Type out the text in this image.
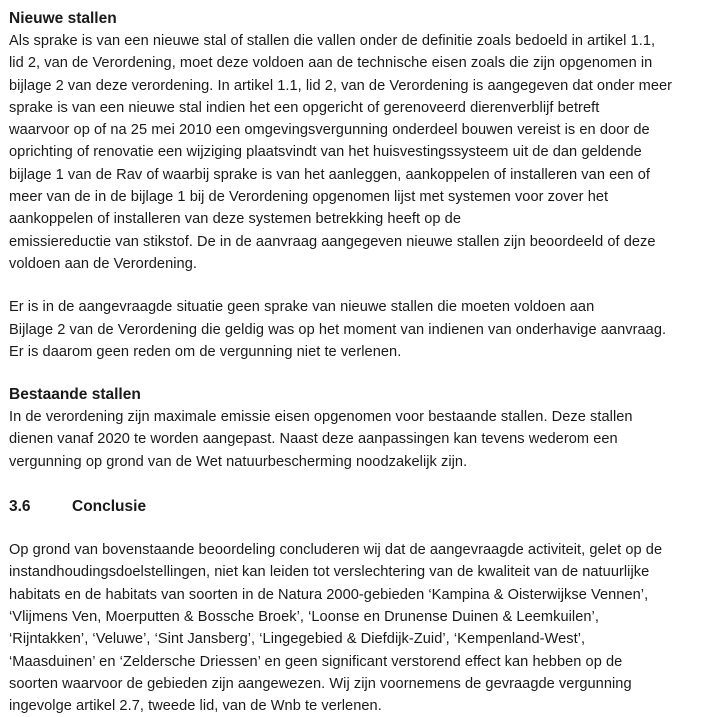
Nieuwe stallen
Als sprake is van een nieuwe stal of stallen die vallen onder de definitie zoals bedoeld in artikel 1.1,
lid 2, van de Verordening, moet deze voldoen aan de technische eisen zoals die zijn opgenomen in
bijlage 2 van deze verordening. In artikel 1.1, lid 2, van de Verordening is aangegeven dat onder meer
sprake is van een nieuwe stal indien het een opgericht of gerenoveerd dierenverblijf betreft
waarvoor op of na 25 mei 2010 een omgevingsvergunning onderdeel bouwen vereist is en door de
oprichting of renovatie een wijziging plaatsvindt van het huisvestingssysteem uit de dan geldende
bijlage 1 van de Rav of waarbij sprake is van het aanleggen, aankoppelen of installeren van een of
meer van de in de bijlage 1 bij de Verordening opgenomen lijst met systemen voor zover het
aankoppelen of installeren van deze systemen betrekking heeft op de
emissiereductie van stikstof. De in de aanvraag aangegeven nieuwe stallen zijn beoordeeld of deze
voldoen aan de Verordening.
Er is in de aangevraagde situatie geen sprake van nieuwe stallen die moeten voldoen aan
Bijlage 2 van de Verordening die geldig was op het moment van indienen van onderhavige aanvraag.
Er is daarom geen reden om de vergunning niet te verlenen.
Bestaande stallen
In de verordening zijn maximale emissie eisen opgenomen voor bestaande stallen. Deze stallen
dienen vanaf 2020 te worden aangepast. Naast deze aanpassingen kan tevens wederom een
vergunning op grond van de Wet natuurbescherming noodzakelijk zijn.
3.6	Conclusie
Op grond van bovenstaande beoordeling concluderen wij dat de aangevraagde activiteit, gelet op de
instandhoudingsdoelstellingen, niet kan leiden tot verslechtering van de kwaliteit van de natuurlijke
habitats en de habitats van soorten in de Natura 2000-gebieden ‘Kampina & Oisterwijkse Vennen’,
‘Vlijmens Ven, Moerputten & Bossche Broek’, ‘Loonse en Drunense Duinen & Leemkuilen’,
‘Rijntakken’, ‘Veluwe’, ‘Sint Jansberg’, ‘Lingegebied & Diefdijk-Zuid’, ‘Kempenland-West’,
‘Maasduinen’ en ‘Zeldersche Driessen’ en geen significant verstorend effect kan hebben op de
soorten waarvoor de gebieden zijn aangewezen. Wij zijn voornemens de gevraagde vergunning
ingevolge artikel 2.7, tweede lid, van de Wnb te verlenen.
